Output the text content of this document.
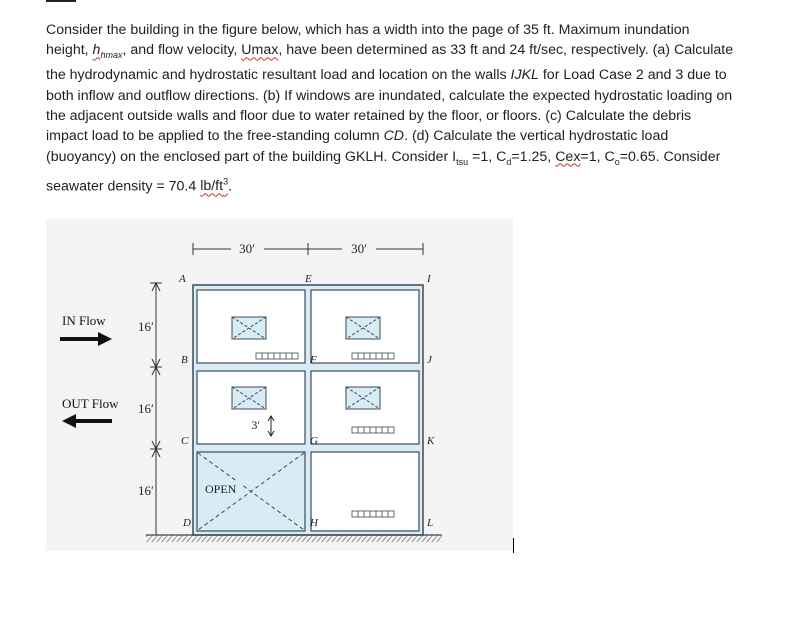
Consider the building in the figure below, which has a width into the page of 35 ft. Maximum inundation height, $h_{hmax}$, and flow velocity, Umax, have been determined as 33 ft and 24 ft/sec, respectively. (a) Calculate the hydrodynamic and hydrostatic resultant load and location on the walls IJKL for Load Case 2 and 3 due to both inflow and outflow directions. (b) If windows are inundated, calculate the expected hydrostatic loading on the adjacent outside walls and floor due to water retained by the floor, or floors. (c) Calculate the debris impact load to be applied to the free-standing column CD. (d) Calculate the vertical hydrostatic load (buoyancy) on the enclosed part of the building GKLH. Consider $I_{tsu} =1$, $C_d=1.25$, Cex=1, $C_o=0.65$. Consider seawater density = 70.4 $lb/ft^3$.

30′	30′
16′
16′
16′
IN Flow
OUT Flow
3′
OPEN
A
B
C
D
E
F
G
H
I
J
K
L
